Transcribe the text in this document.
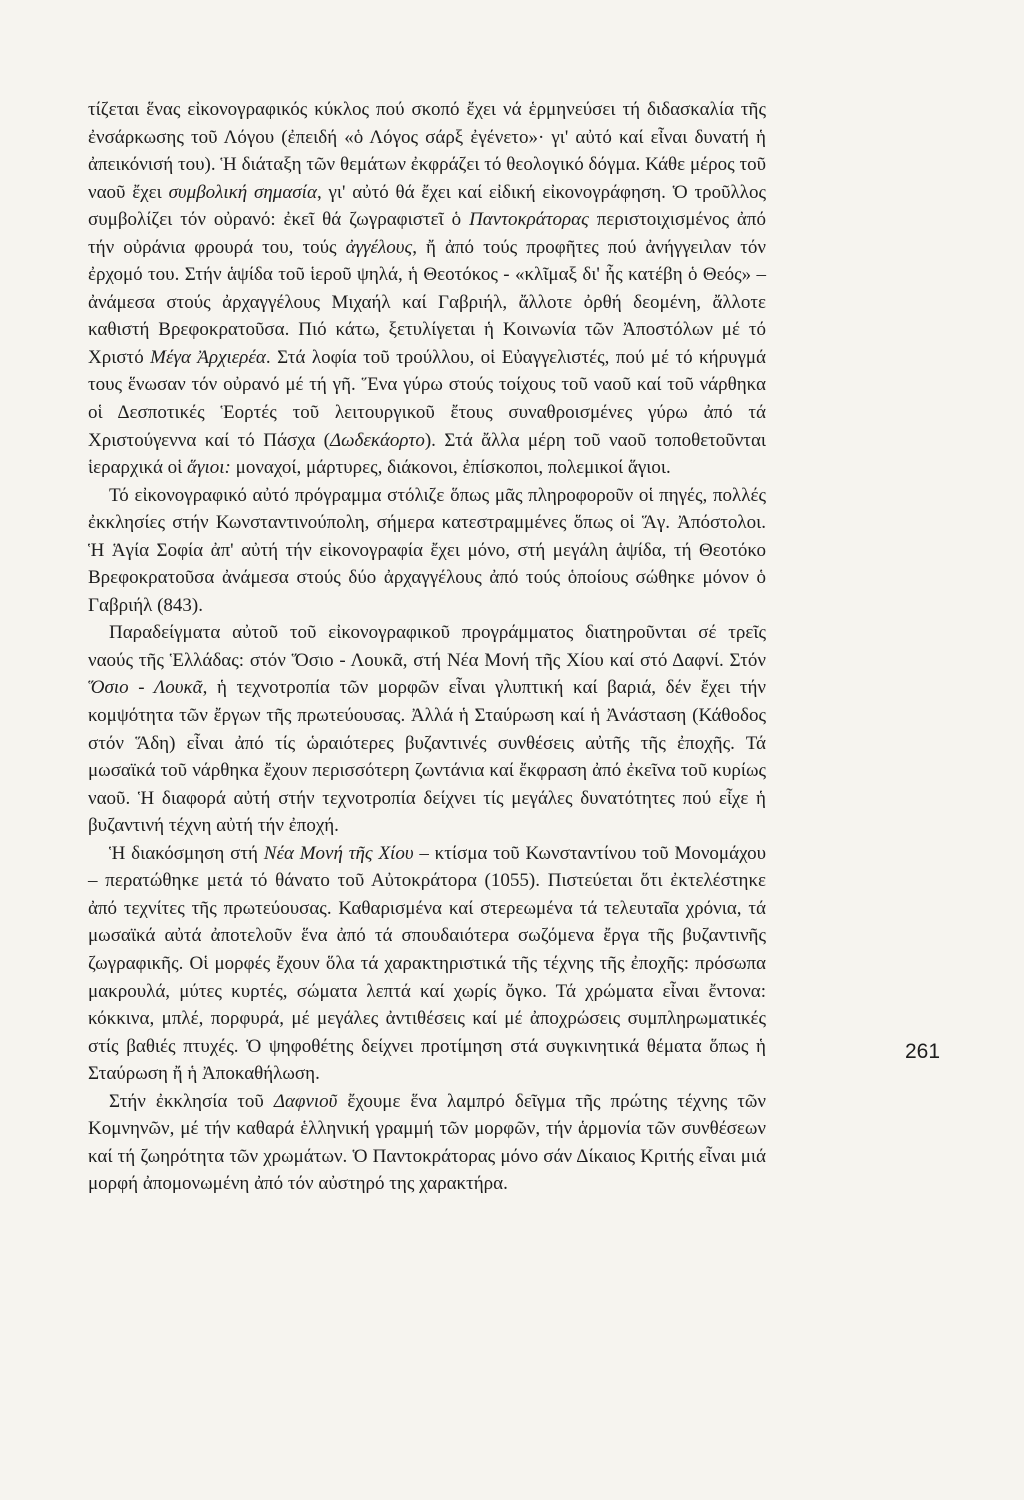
τίζεται ἕνας εἰκονογραφικός κύκλος πού σκοπό ἔχει νά ἑρμηνεύσει τή διδασκαλία τῆς ἐνσάρκωσης τοῦ Λόγου (ἐπειδή «ὁ Λόγος σάρξ ἐγένετο»· γι' αὐτό καί εἶναι δυνατή ἡ ἀπεικόνισή του). Ἡ διάταξη τῶν θεμάτων ἐκφράζει τό θεολογικό δόγμα. Κάθε μέρος τοῦ ναοῦ ἔχει συμβολική σημασία, γι' αὐτό θά ἔχει καί εἰδική εἰκονογράφηση. Ὁ τροῦλλος συμβολίζει τόν οὐρανό: ἐκεῖ θά ζωγραφιστεῖ ὁ Παντοκράτορας περιστοιχισμένος ἀπό τήν οὐράνια φρουρά του, τούς ἀγγέλους, ἤ ἀπό τούς προφῆτες πού ἀνήγγειλαν τόν ἐρχομό του. Στήν ἁψίδα τοῦ ἱεροῦ ψηλά, ἡ Θεοτόκος - «κλῖμαξ δι' ἧς κατέβη ὁ Θεός» – ἀνάμεσα στούς ἀρχαγγέλους Μιχαήλ καί Γαβριήλ, ἄλλοτε ὀρθή δεομένη, ἄλλοτε καθιστή Βρεφοκρατοῦσα. Πιό κάτω, ξετυλίγεται ἡ Κοινωνία τῶν Ἀποστόλων μέ τό Χριστό Μέγα Ἀρχιερέα. Στά λοφία τοῦ τρούλλου, οἱ Εὐαγγελιστές, πού μέ τό κήρυγμά τους ἕνωσαν τόν οὐρανό μέ τή γῆ. Ἕνα γύρω στούς τοίχους τοῦ ναοῦ καί τοῦ νάρθηκα οἱ Δεσποτικές Ἑορτές τοῦ λειτουργικοῦ ἔτους συναθροισμένες γύρω ἀπό τά Χριστούγεννα καί τό Πάσχα (Δωδεκάορτο). Στά ἄλλα μέρη τοῦ ναοῦ τοποθετοῦνται ἱεραρχικά οἱ ἅγιοι: μοναχοί, μάρτυρες, διάκονοι, ἐπίσκοποι, πολεμικοί ἅγιοι.

Τό εἰκονογραφικό αὐτό πρόγραμμα στόλιζε ὅπως μᾶς πληροφοροῦν οἱ πηγές, πολλές ἐκκλησίες στήν Κωνσταντινούπολη, σήμερα κατεστραμμένες ὅπως οἱ Ἅγ. Ἀπόστολοι. Ἡ Ἁγία Σοφία ἀπ' αὐτή τήν εἰκονογραφία ἔχει μόνο, στή μεγάλη ἁψίδα, τή Θεοτόκο Βρεφοκρατοῦσα ἀνάμεσα στούς δύο ἀρχαγγέλους ἀπό τούς ὁποίους σώθηκε μόνον ὁ Γαβριήλ (843).

Παραδείγματα αὐτοῦ τοῦ εἰκονογραφικοῦ προγράμματος διατηροῦνται σέ τρεῖς ναούς τῆς Ἑλλάδας: στόν Ὅσιο - Λουκᾶ, στή Νέα Μονή τῆς Χίου καί στό Δαφνί. Στόν Ὅσιο - Λουκᾶ, ἡ τεχνοτροπία τῶν μορφῶν εἶναι γλυπτική καί βαριά, δέν ἔχει τήν κομψότητα τῶν ἔργων τῆς πρωτεύουσας. Ἀλλά ἡ Σταύρωση καί ἡ Ἀνάσταση (Κάθοδος στόν Ἅδη) εἶναι ἀπό τίς ὡραιότερες βυζαντινές συνθέσεις αὐτῆς τῆς ἐποχῆς. Τά μωσαϊκά τοῦ νάρθηκα ἔχουν περισσότερη ζωντάνια καί ἔκφραση ἀπό ἐκεῖνα τοῦ κυρίως ναοῦ. Ἡ διαφορά αὐτή στήν τεχνοτροπία δείχνει τίς μεγάλες δυνατότητες πού εἶχε ἡ βυζαντινή τέχνη αὐτή τήν ἐποχή.

Ἡ διακόσμηση στή Νέα Μονή τῆς Χίου – κτίσμα τοῦ Κωνσταντίνου τοῦ Μονομάχου – περατώθηκε μετά τό θάνατο τοῦ Αὐτοκράτορα (1055). Πιστεύεται ὅτι ἐκτελέστηκε ἀπό τεχνίτες τῆς πρωτεύουσας. Καθαρισμένα καί στερεωμένα τά τελευταῖα χρόνια, τά μωσαϊκά αὐτά ἀποτελοῦν ἕνα ἀπό τά σπουδαιότερα σωζόμενα ἔργα τῆς βυζαντινῆς ζωγραφικῆς. Οἱ μορφές ἔχουν ὅλα τά χαρακτηριστικά τῆς τέχνης τῆς ἐποχῆς: πρόσωπα μακρουλά, μύτες κυρτές, σώματα λεπτά καί χωρίς ὄγκο. Τά χρώματα εἶναι ἔντονα: κόκκινα, μπλέ, πορφυρά, μέ μεγάλες ἀντιθέσεις καί μέ ἀποχρώσεις συμπληρωματικές στίς βαθιές πτυχές. Ὁ ψηφοθέτης δείχνει προτίμηση στά συγκινητικά θέματα ὅπως ἡ Σταύρωση ἤ ἡ Ἀποκαθήλωση.

Στήν ἐκκλησία τοῦ Δαφνιοῦ ἔχουμε ἕνα λαμπρό δεῖγμα τῆς πρώτης τέχνης τῶν Κομνηνῶν, μέ τήν καθαρά ἑλληνική γραμμή τῶν μορφῶν, τήν ἁρμονία τῶν συνθέσεων καί τή ζωηρότητα τῶν χρωμάτων. Ὁ Παντοκράτορας μόνο σάν Δίκαιος Κριτής εἶναι μιά μορφή ἀπομονωμένη ἀπό τόν αὐστηρό της χαρακτήρα.

261
